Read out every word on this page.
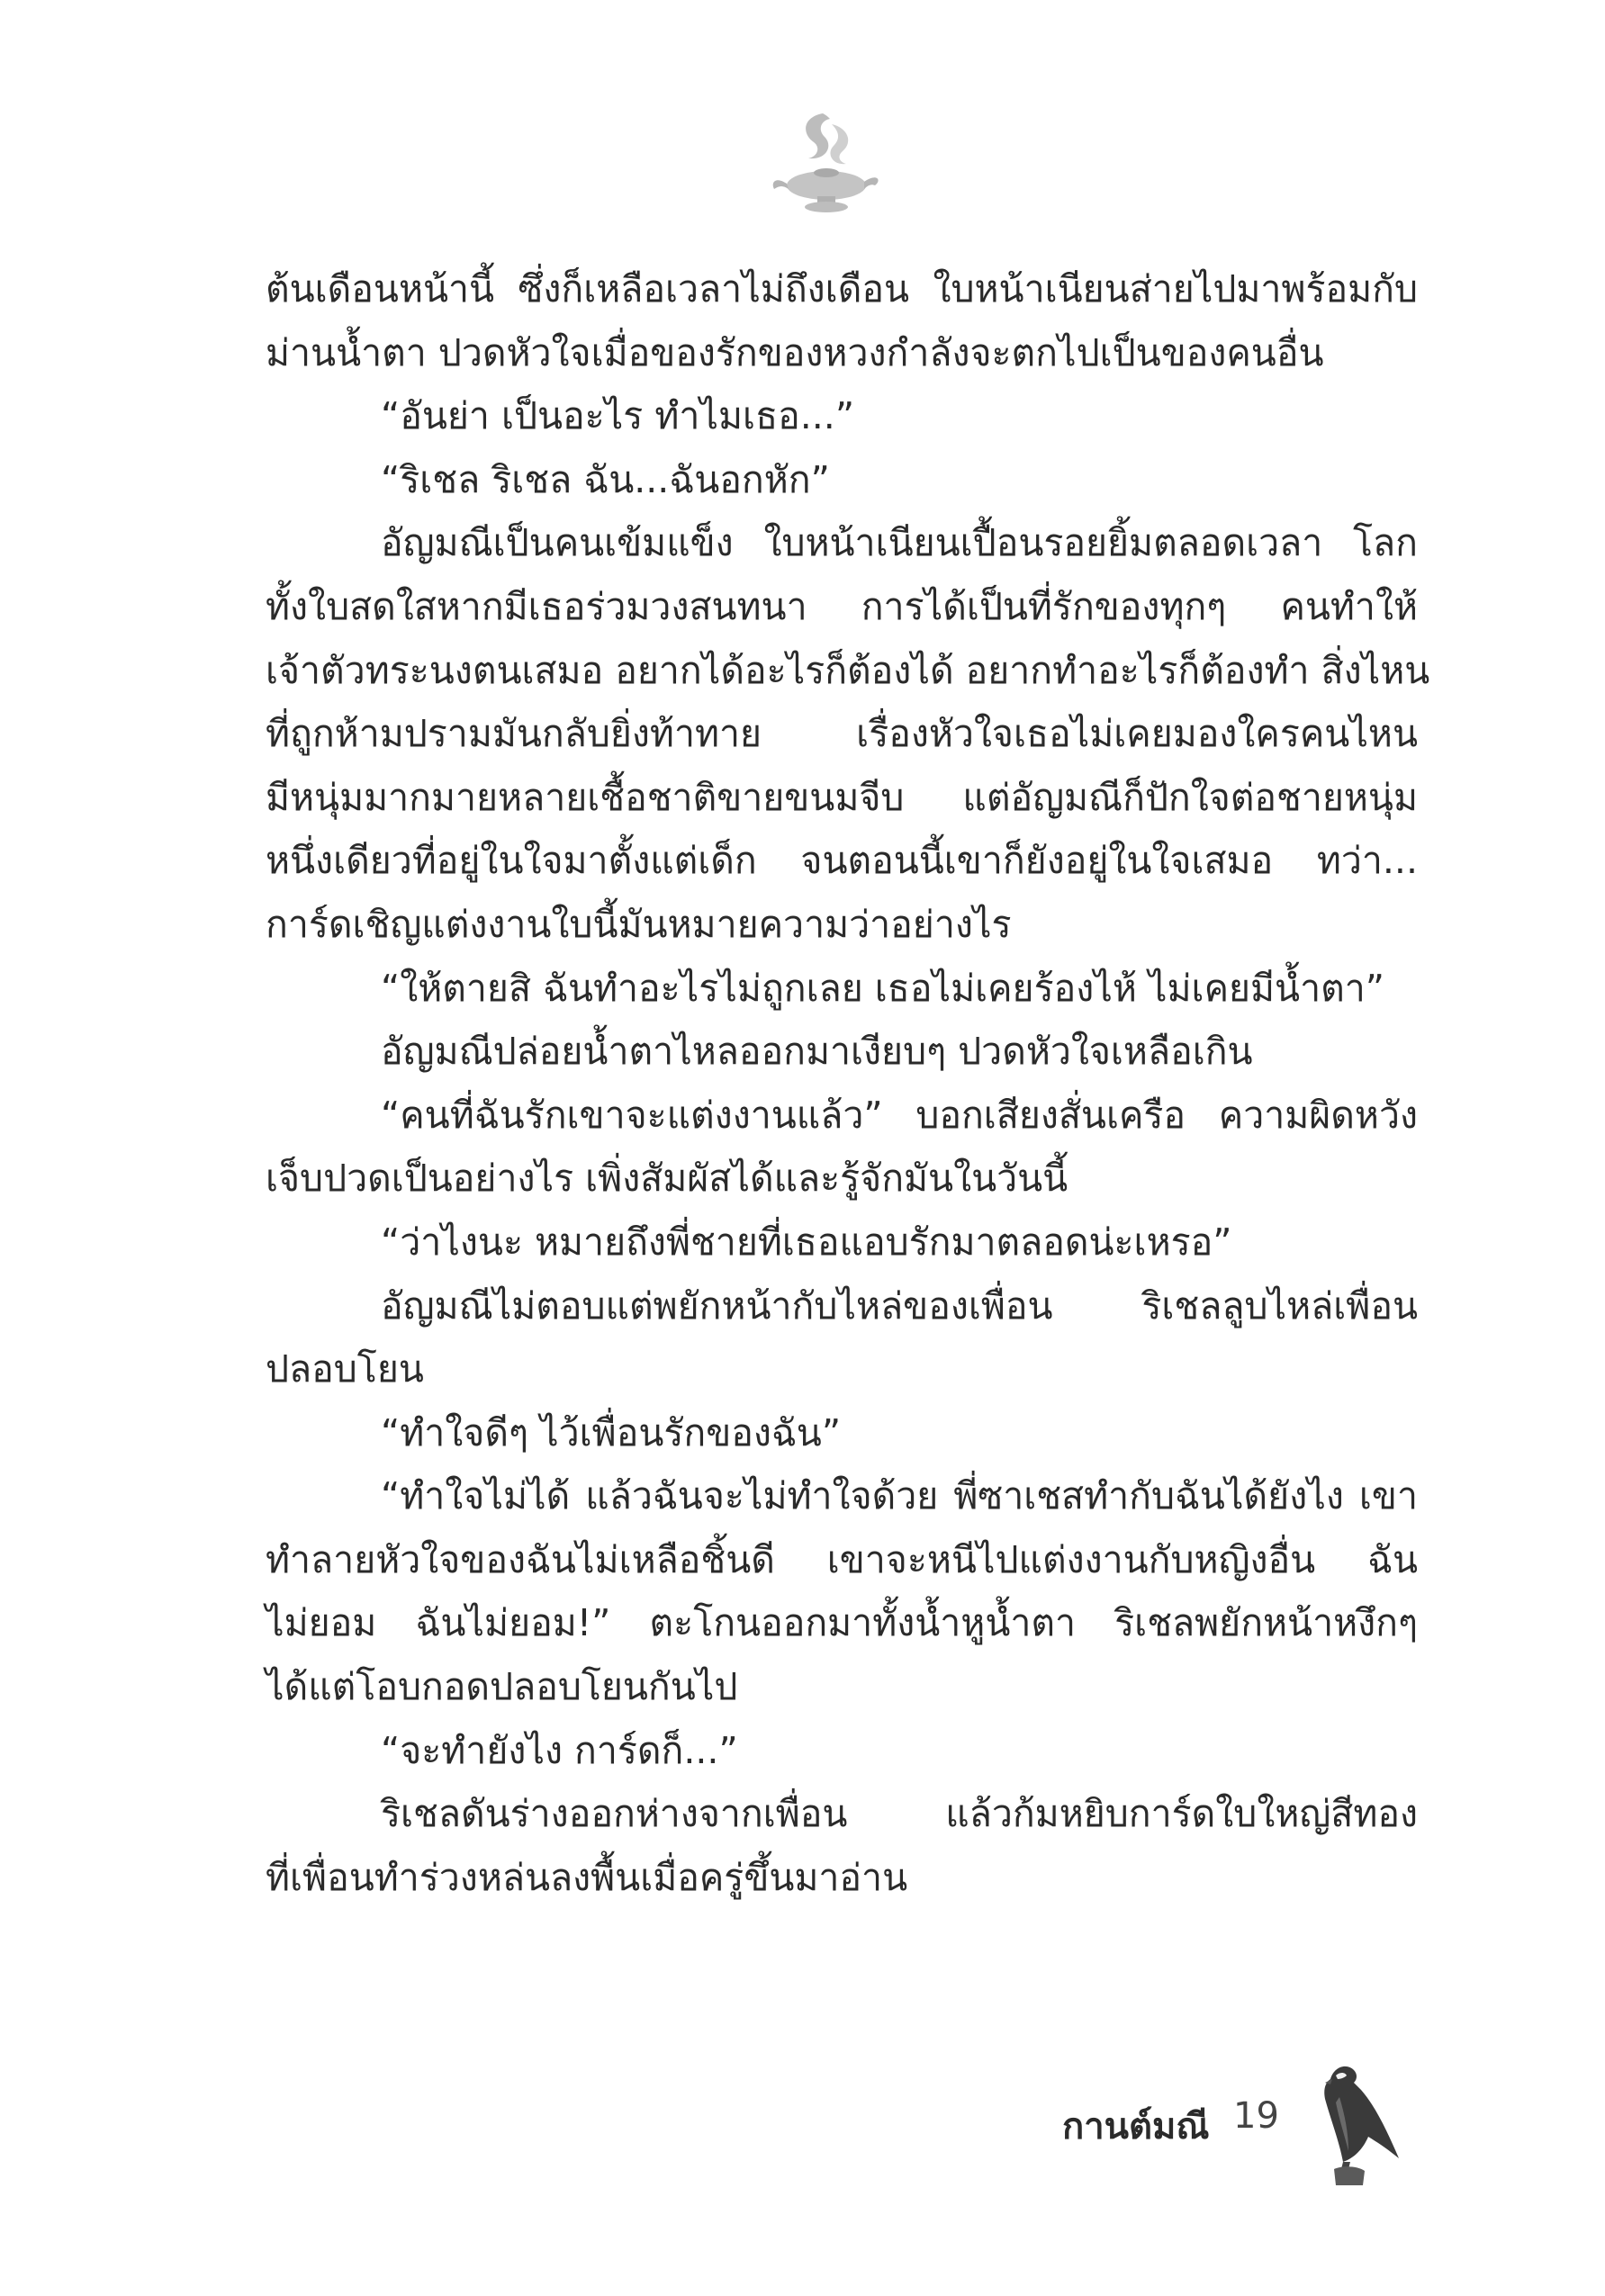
ต้นเดือนหน้านี้ ซึ่งก็เหลือเวลาไม่ถึงเดือน ใบหน้าเนียนส่ายไปมาพร้อมกับ
ม่านน้ำตา ปวดหัวใจเมื่อของรักของหวงกำลังจะตกไปเป็นของคนอื่น
“อันย่า เป็นอะไร ทำไมเธอ...”
“ริเชล ริเชล ฉัน...ฉันอกหัก”
อัญมณีเป็นคนเข้มแข็ง ใบหน้าเนียนเปื้อนรอยยิ้มตลอดเวลา โลก
ทั้งใบสดใสหากมีเธอร่วมวงสนทนา การได้เป็นที่รักของทุกๆ คนทำให้
เจ้าตัวทระนงตนเสมอ อยากได้อะไรก็ต้องได้ อยากทำอะไรก็ต้องทำ สิ่งไหน
ที่ถูกห้ามปรามมันกลับยิ่งท้าทาย เรื่องหัวใจเธอไม่เคยมองใครคนไหน
มีหนุ่มมากมายหลายเชื้อชาติขายขนมจีบ แต่อัญมณีก็ปักใจต่อชายหนุ่ม
หนึ่งเดียวที่อยู่ในใจมาตั้งแต่เด็ก จนตอนนี้เขาก็ยังอยู่ในใจเสมอ ทว่า...
การ์ดเชิญแต่งงานใบนี้มันหมายความว่าอย่างไร
“ให้ตายสิ ฉันทำอะไรไม่ถูกเลย เธอไม่เคยร้องไห้ ไม่เคยมีน้ำตา”
อัญมณีปล่อยน้ำตาไหลออกมาเงียบๆ ปวดหัวใจเหลือเกิน
“คนที่ฉันรักเขาจะแต่งงานแล้ว” บอกเสียงสั่นเครือ ความผิดหวัง
เจ็บปวดเป็นอย่างไร เพิ่งสัมผัสได้และรู้จักมันในวันนี้
“ว่าไงนะ หมายถึงพี่ชายที่เธอแอบรักมาตลอดน่ะเหรอ”
อัญมณีไม่ตอบแต่พยักหน้ากับไหล่ของเพื่อน ริเชลลูบไหล่เพื่อน
ปลอบโยน
“ทำใจดีๆ ไว้เพื่อนรักของฉัน”
“ทำใจไม่ได้ แล้วฉันจะไม่ทำใจด้วย พี่ซาเชสทำกับฉันได้ยังไง เขา
ทำลายหัวใจของฉันไม่เหลือชิ้นดี เขาจะหนีไปแต่งงานกับหญิงอื่น ฉัน
ไม่ยอม ฉันไม่ยอม!” ตะโกนออกมาทั้งน้ำหูน้ำตา ริเชลพยักหน้าหงึกๆ
ได้แต่โอบกอดปลอบโยนกันไป
“จะทำยังไง การ์ดก็...”
ริเชลดันร่างออกห่างจากเพื่อน แล้วก้มหยิบการ์ดใบใหญ่สีทอง
ที่เพื่อนทำร่วงหล่นลงพื้นเมื่อครู่ขึ้นมาอ่าน
กานต์มณี 19
